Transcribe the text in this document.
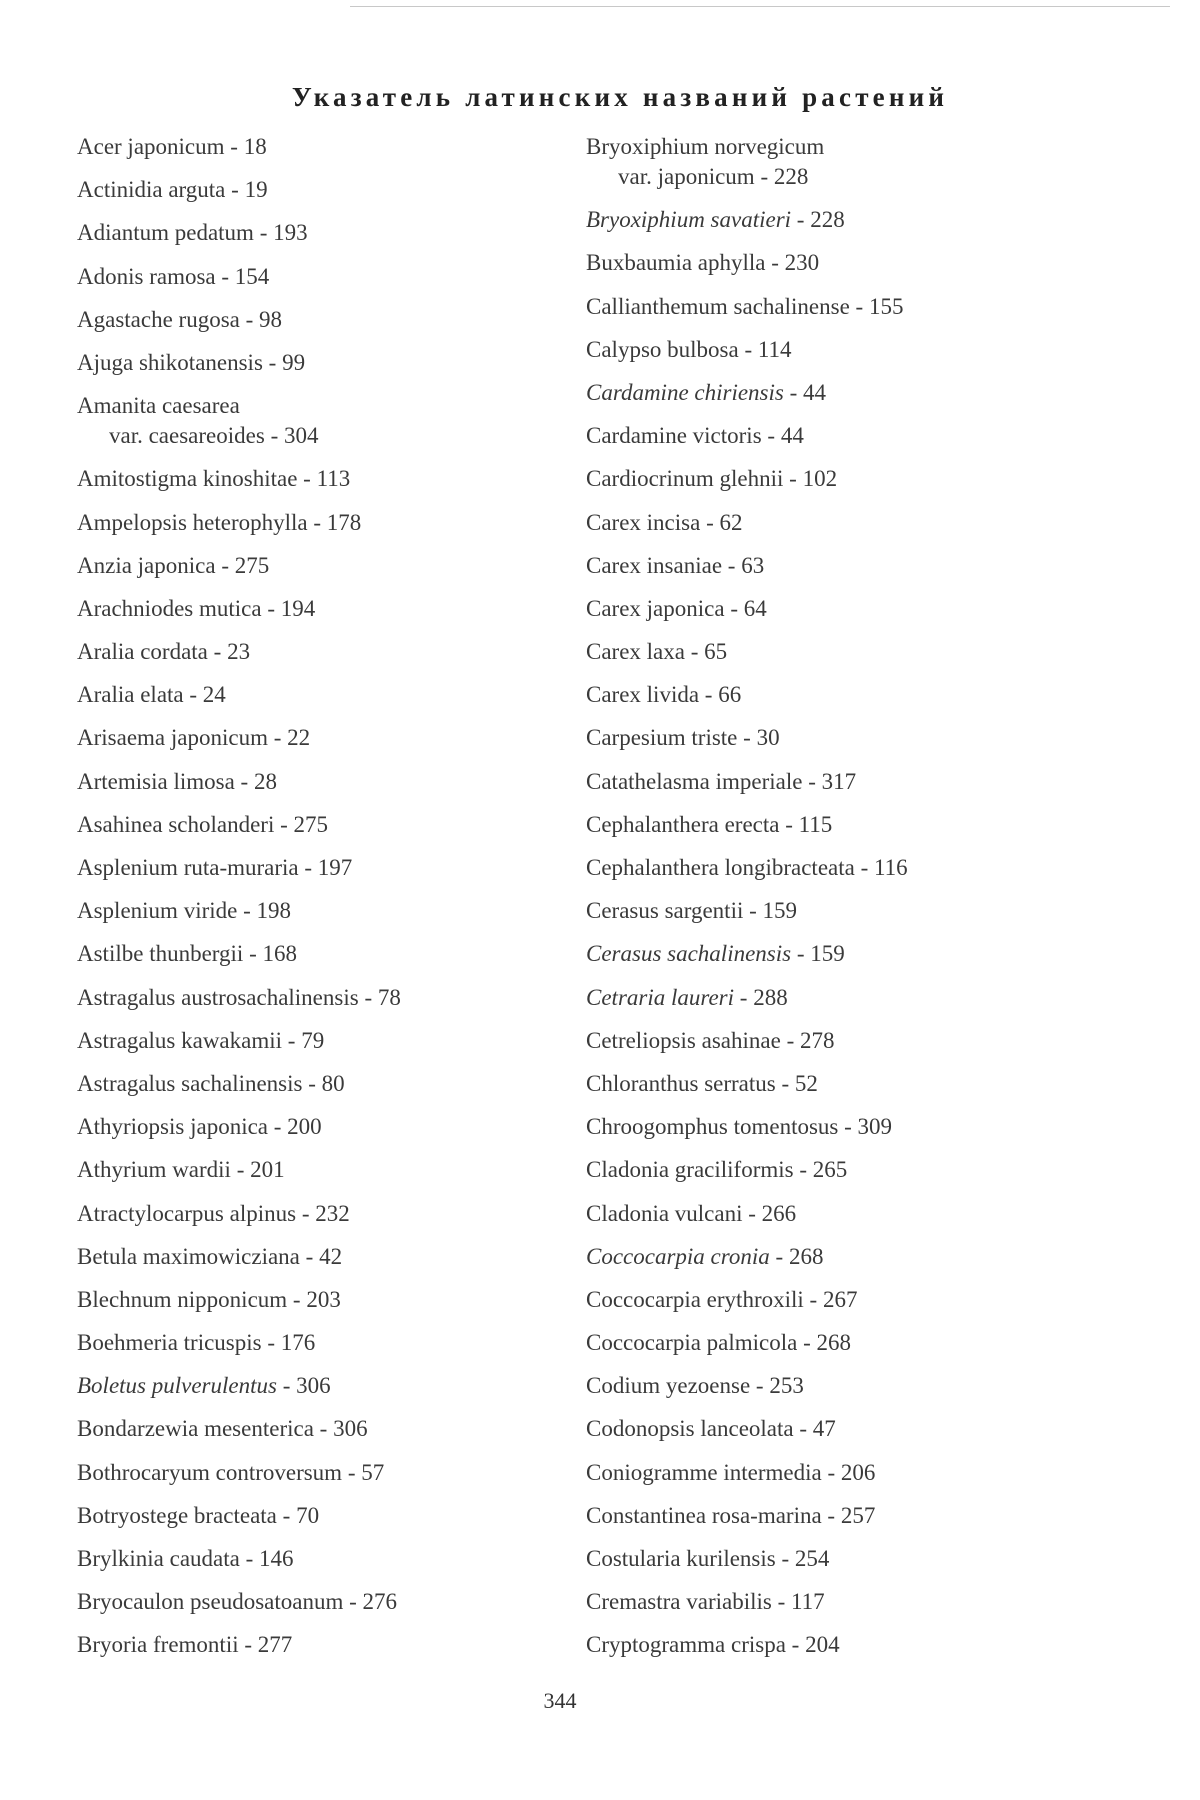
Указатель латинских названий растений
Acer japonicum - 18
Actinidia arguta - 19
Adiantum pedatum - 193
Adonis ramosa - 154
Agastache rugosa - 98
Ajuga shikotanensis - 99
Amanita caesarea
var. caesareoides - 304
Amitostigma kinoshitae - 113
Ampelopsis heterophylla - 178
Anzia japonica - 275
Arachniodes mutica - 194
Aralia cordata - 23
Aralia elata - 24
Arisaema japonicum - 22
Artemisia limosa - 28
Asahinea scholanderi - 275
Asplenium ruta-muraria - 197
Asplenium viride - 198
Astilbe thunbergii - 168
Astragalus austrosachalinensis - 78
Astragalus kawakamii - 79
Astragalus sachalinensis - 80
Athyriopsis japonica - 200
Athyrium wardii - 201
Atractylocarpus alpinus - 232
Betula maximowicziana - 42
Blechnum nipponicum - 203
Boehmeria tricuspis - 176
Boletus pulverulentus - 306
Bondarzewia mesenterica - 306
Bothrocaryum controversum - 57
Botryostege bracteata - 70
Brylkinia caudata - 146
Bryocaulon pseudosatoanum - 276
Bryoria fremontii - 277
Bryoxiphium norvegicum
var. japonicum - 228
Bryoxiphium savatieri - 228
Buxbaumia aphylla - 230
Callianthemum sachalinense - 155
Calypso bulbosa - 114
Cardamine chiriensis - 44
Cardamine victoris - 44
Cardiocrinum glehnii - 102
Carex incisa - 62
Carex insaniae - 63
Carex japonica - 64
Carex laxa - 65
Carex livida - 66
Carpesium triste - 30
Catathelasma imperiale - 317
Cephalanthera erecta - 115
Cephalanthera longibracteata - 116
Cerasus sargentii - 159
Cerasus sachalinensis - 159
Cetraria laureri - 288
Cetreliopsis asahinae - 278
Chloranthus serratus - 52
Chroogomphus tomentosus - 309
Cladonia graciliformis - 265
Cladonia vulcani - 266
Coccocarpia cronia - 268
Coccocarpia erythroxili - 267
Coccocarpia palmicola - 268
Codium yezoense - 253
Codonopsis lanceolata - 47
Coniogramme intermedia - 206
Constantinea rosa-marina - 257
Costularia kurilensis - 254
Cremastra variabilis - 117
Cryptogramma crispa - 204
344
